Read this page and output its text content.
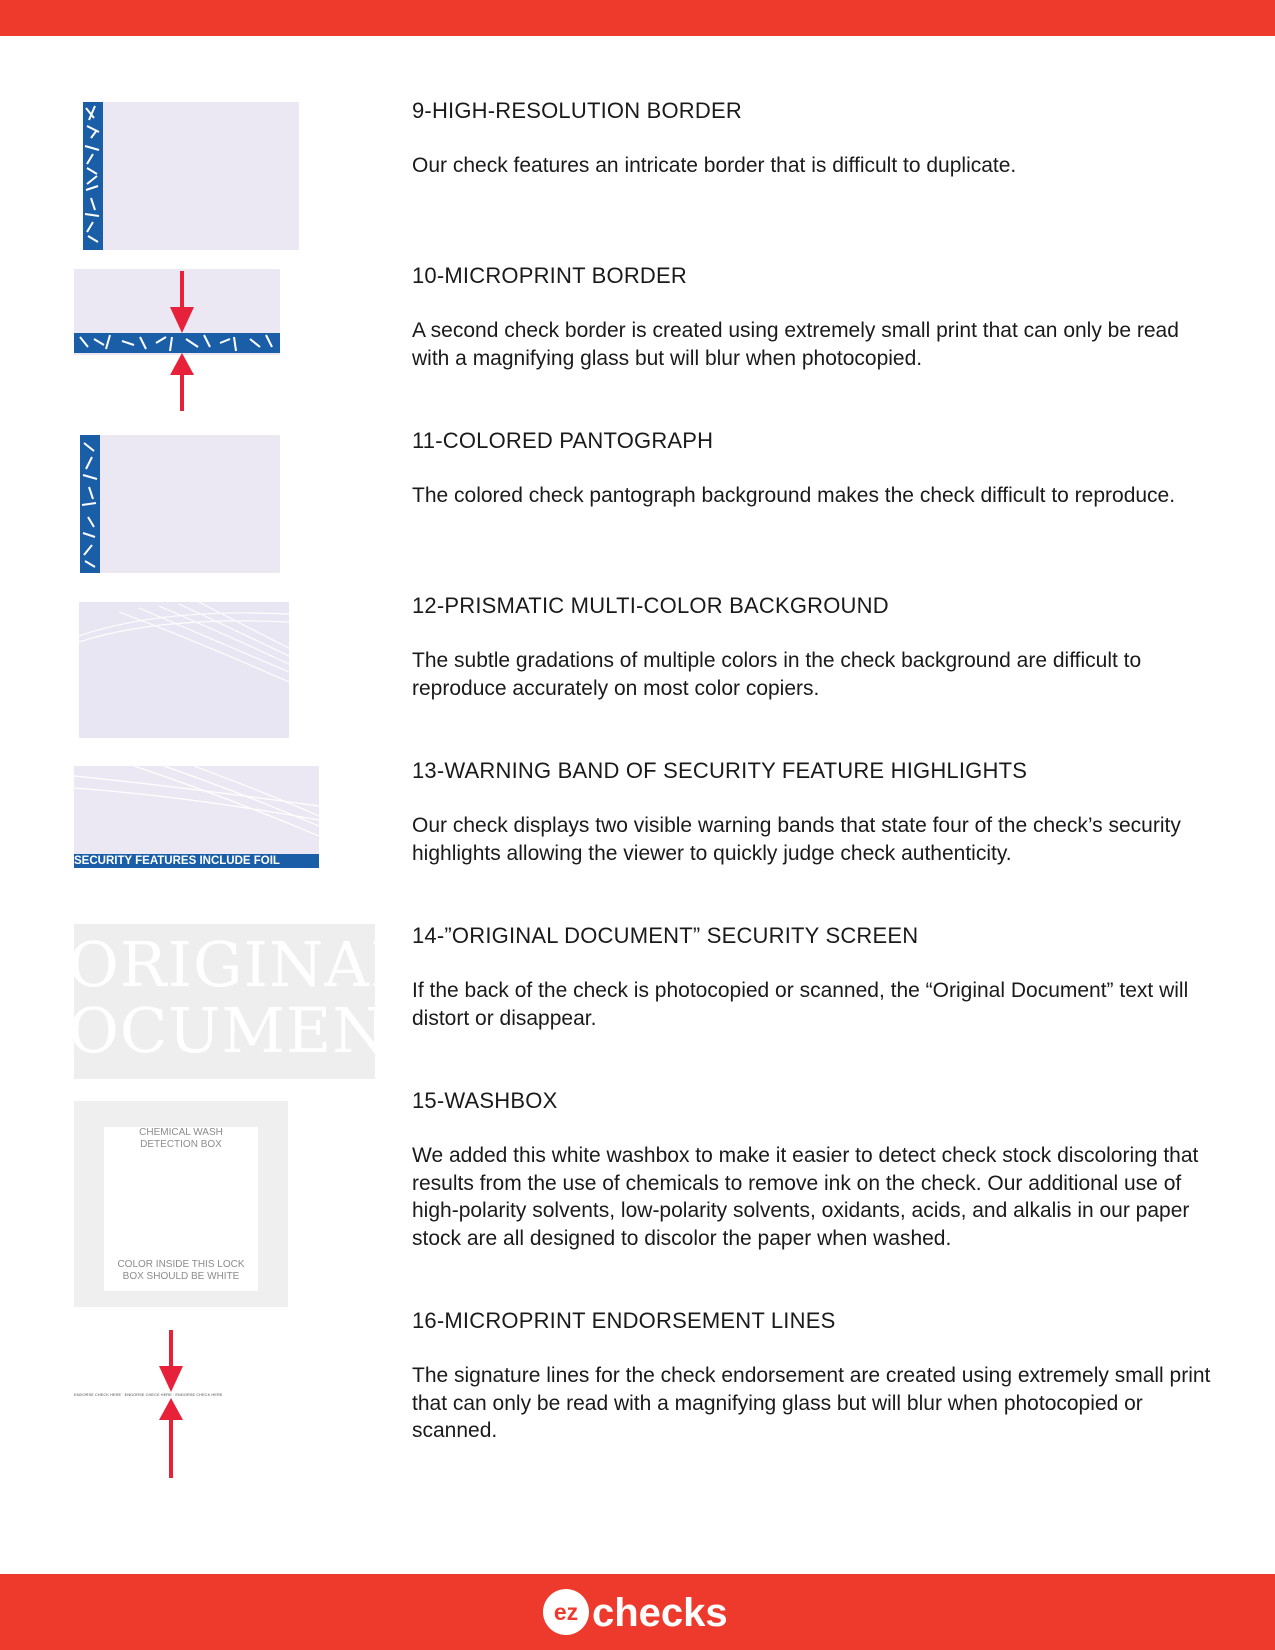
9-HIGH-RESOLUTION BORDER

Our check features an intricate border that is difficult to duplicate.

10-MICROPRINT BORDER

A second check border is created using extremely small print that can only be read with a magnifying glass but will blur when photocopied.

11-COLORED PANTOGRAPH

The colored check pantograph background makes the check difficult to reproduce.

12-PRISMATIC MULTI-COLOR BACKGROUND

The subtle gradations of multiple colors in the check background are difficult to reproduce accurately on most color copiers.

13-WARNING BAND OF SECURITY FEATURE HIGHLIGHTS

Our check displays two visible warning bands that state four of the check’s security highlights allowing the viewer to quickly judge check authenticity.

SECURITY FEATURES INCLUDE FOIL
14-”ORIGINAL DOCUMENT” SECURITY SCREEN

If the back of the check is photocopied or scanned, the “Original Document” text will distort or disappear.

ORIGINAL
OCUMEN
15-WASHBOX

We added this white washbox to make it easier to detect check stock discoloring that results from the use of chemicals to remove ink on the check. Our additional use of high-polarity solvents, low-polarity solvents, oxidants, acids, and alkalis in our paper stock are all designed to discolor the paper when washed.

CHEMICAL WASH
DETECTION BOX
COLOR INSIDE THIS LOCK
BOX SHOULD BE WHITE
16-MICROPRINT ENDORSEMENT LINES

The signature lines for the check endorsement are created using extremely small print that can only be read with a magnifying glass but will blur when photocopied or scanned.

ENDORSE CHECK HERE · ENDORSE CHECK HERE · ENDORSE CHECK HERE
ez checks
